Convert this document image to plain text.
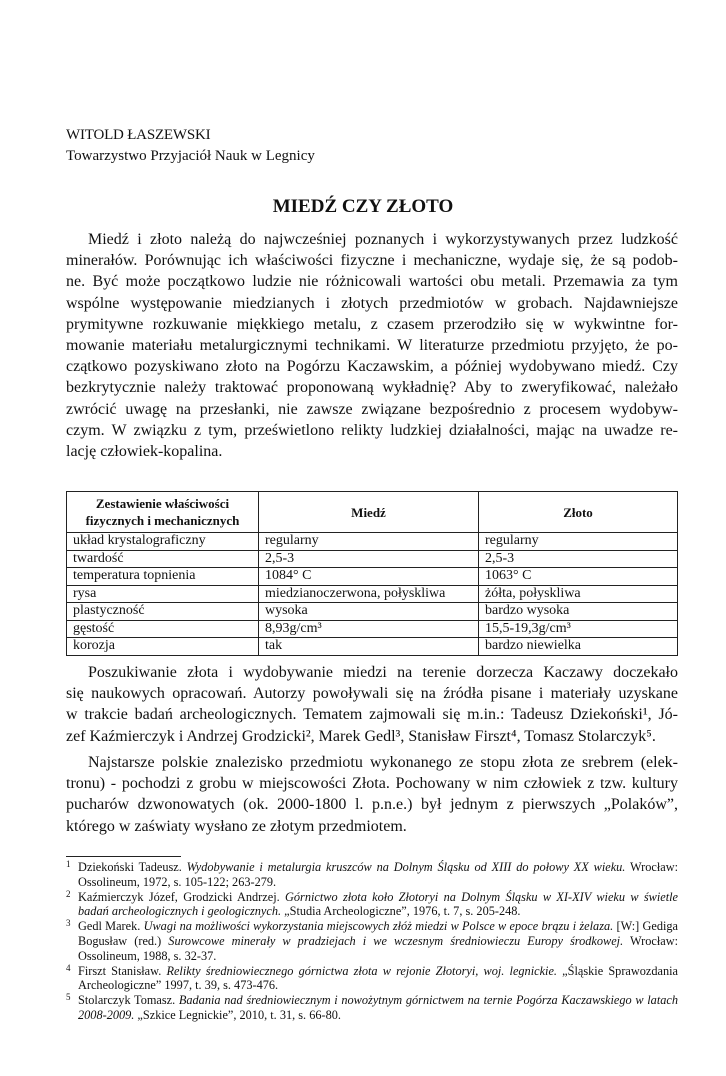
WITOLD ŁASZEWSKI
Towarzystwo Przyjaciół Nauk w Legnicy
MIEDŹ CZY ZŁOTO
Miedź i złoto należą do najwcześniej poznanych i wykorzystywanych przez ludzkość
minerałów. Porównując ich właściwości fizyczne i mechaniczne, wydaje się, że są podob-
ne. Być może początkowo ludzie nie różnicowali wartości obu metali. Przemawia za tym
wspólne występowanie miedzianych i złotych przedmiotów w grobach. Najdawniejsze
prymitywne rozkuwanie miękkiego metalu, z czasem przerodziło się w wykwintne for-
mowanie materiału metalurgicznymi technikami. W literaturze przedmiotu przyjęto, że po-
czątkowo pozyskiwano złoto na Pogórzu Kaczawskim, a później wydobywano miedź. Czy
bezkrytycznie należy traktować proponowaną wykładnię? Aby to zweryfikować, należało
zwrócić uwagę na przesłanki, nie zawsze związane bezpośrednio z procesem wydobyw-
czym. W związku z tym, prześwietlono relikty ludzkiej działalności, mając na uwadze re-
lację człowiek-kopalina.
Zestawienie właściwości fizycznych i mechanicznych	Miedź	Złoto
układ krystalograficzny	regularny	regularny
twardość	2,5-3	2,5-3
temperatura topnienia	1084° C	1063° C
rysa	miedzianoczerwona, połyskliwa	żółta, połyskliwa
plastyczność	wysoka	bardzo wysoka
gęstość	8,93g/cm³	15,5-19,3g/cm³
korozja	tak	bardzo niewielka
Poszukiwanie złota i wydobywanie miedzi na terenie dorzecza Kaczawy doczekało
się naukowych opracowań. Autorzy powoływali się na źródła pisane i materiały uzyskane
w trakcie badań archeologicznych. Tematem zajmowali się m.in.: Tadeusz Dziekoński¹, Jó-
zef Kaźmierczyk i Andrzej Grodzicki², Marek Gedl³, Stanisław Firszt⁴, Tomasz Stolarczyk⁵.
Najstarsze polskie znalezisko przedmiotu wykonanego ze stopu złota ze srebrem (elek-
tronu) - pochodzi z grobu w miejscowości Złota. Pochowany w nim człowiek z tzw. kultury
pucharów dzwonowatych (ok. 2000-1800 l. p.n.e.) był jednym z pierwszych „Polaków”,
którego w zaświaty wysłano ze złotym przedmiotem.
1 Dziekoński Tadeusz. Wydobywanie i metalurgia kruszców na Dolnym Śląsku od XIII do połowy XX wieku. Wrocław: Ossolineum, 1972, s. 105-122; 263-279.
2 Kaźmierczyk Józef, Grodzicki Andrzej. Górnictwo złota koło Złotoryi na Dolnym Śląsku w XI-XIV wieku w świetle badań archeologicznych i geologicznych. „Studia Archeologiczne”, 1976, t. 7, s. 205-248.
3 Gedl Marek. Uwagi na możliwości wykorzystania miejscowych złóż miedzi w Polsce w epoce brązu i żelaza. [W:] Gediga Bogusław (red.) Surowcowe minerały w pradziejach i we wczesnym średniowieczu Europy środkowej. Wrocław: Ossolineum, 1988, s. 32-37.
4 Firszt Stanisław. Relikty średniowiecznego górnictwa złota w rejonie Złotoryi, woj. legnickie. „Śląskie Sprawozdania Archeologiczne” 1997, t. 39, s. 473-476.
5 Stolarczyk Tomasz. Badania nad średniowiecznym i nowożytnym górnictwem na ternie Pogórza Kaczawskiego w latach 2008-2009. „Szkice Legnickie”, 2010, t. 31, s. 66-80.
